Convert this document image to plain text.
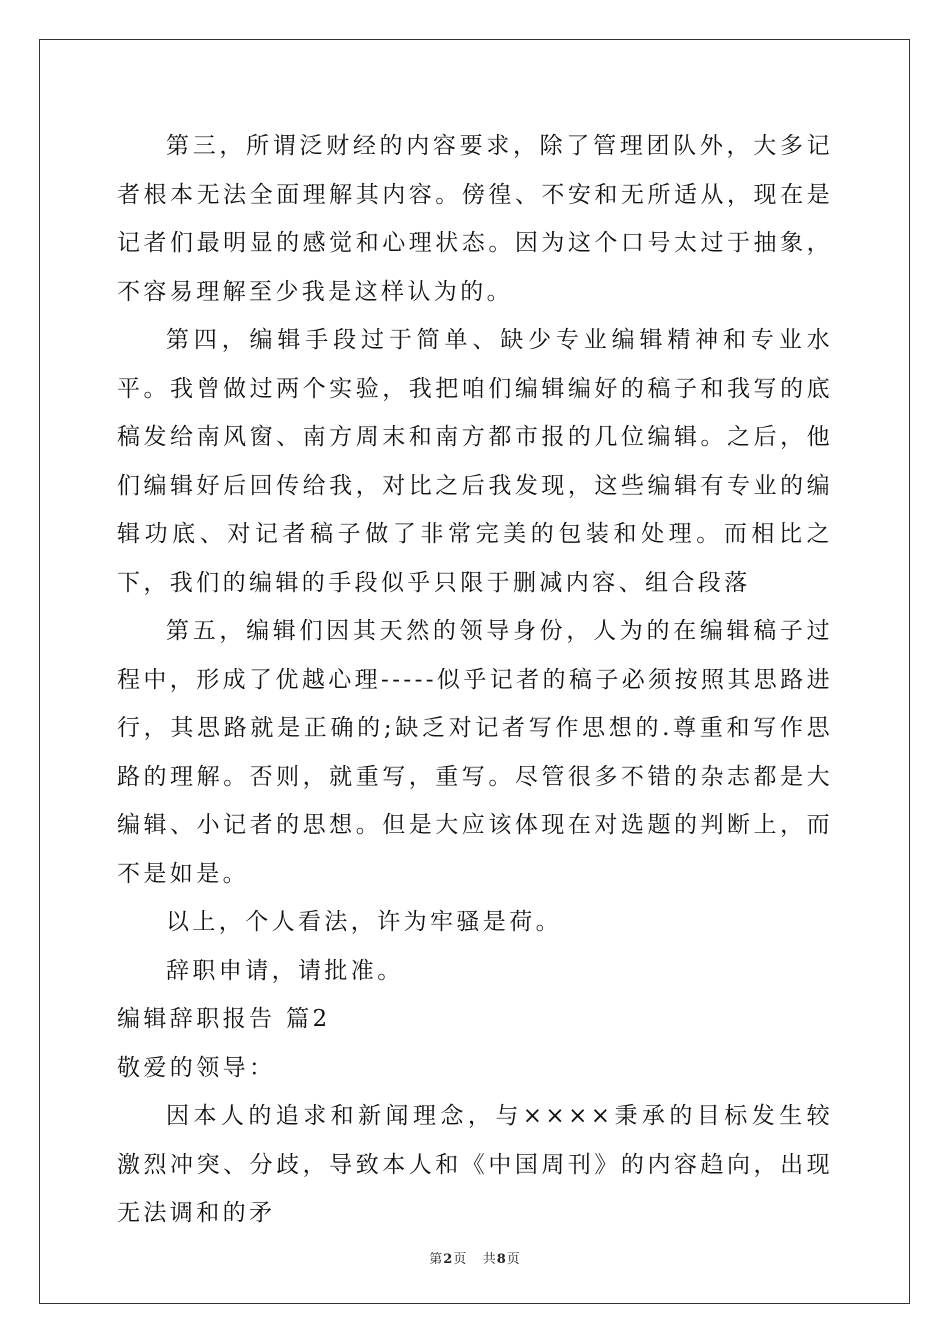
第三，所谓泛财经的内容要求，除了管理团队外，大多记者根本无法全面理解其内容。傍徨、不安和无所适从，现在是记者们最明显的感觉和心理状态。因为这个口号太过于抽象，不容易理解至少我是这样认为的。

第四，编辑手段过于简单、缺少专业编辑精神和专业水平。我曾做过两个实验，我把咱们编辑编好的稿子和我写的底稿发给南风窗、南方周末和南方都市报的几位编辑。之后，他们编辑好后回传给我，对比之后我发现，这些编辑有专业的编辑功底、对记者稿子做了非常完美的包装和处理。而相比之下，我们的编辑的手段似乎只限于删减内容、组合段落

第五，编辑们因其天然的领导身份，人为的在编辑稿子过程中，形成了优越心理-----似乎记者的稿子必须按照其思路进行，其思路就是正确的;缺乏对记者写作思想的.尊重和写作思路的理解。否则，就重写，重写。尽管很多不错的杂志都是大编辑、小记者的思想。但是大应该体现在对选题的判断上，而不是如是。

以上，个人看法，许为牢骚是荷。

辞职申请，请批准。

编辑辞职报告 篇2

敬爱的领导：

因本人的追求和新闻理念，与××××秉承的目标发生较激烈冲突、分歧，导致本人和《中国周刊》的内容趋向，出现无法调和的矛

第2页 共8页
